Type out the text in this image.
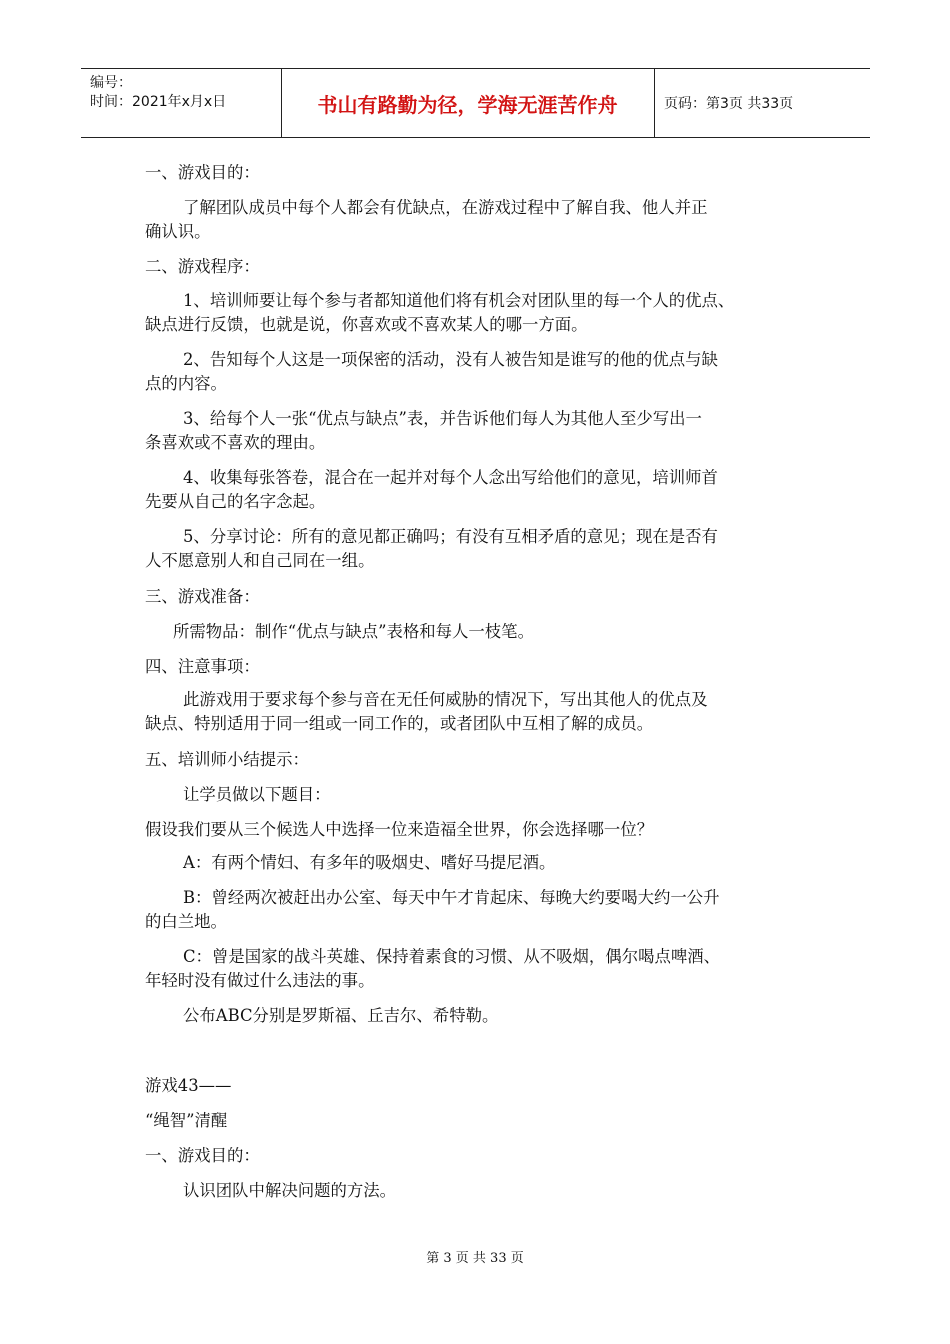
编号：
时间：2021年x月x日	书山有路勤为径，学海无涯苦作舟	页码：第3页 共33页
一、游戏目的：
了解团队成员中每个人都会有优缺点，在游戏过程中了解自我、他人并正
确认识。
二、游戏程序：
1、培训师要让每个参与者都知道他们将有机会对团队里的每一个人的优点、
缺点进行反馈，也就是说，你喜欢或不喜欢某人的哪一方面。
2、告知每个人这是一项保密的活动，没有人被告知是谁写的他的优点与缺
点的内容。
3、给每个人一张“优点与缺点”表，并告诉他们每人为其他人至少写出一
条喜欢或不喜欢的理由。
4、收集每张答卷，混合在一起并对每个人念出写给他们的意见，培训师首
先要从自己的名字念起。
5、分享讨论：所有的意见都正确吗；有没有互相矛盾的意见；现在是否有
人不愿意别人和自己同在一组。
三、游戏准备：
所需物品：制作“优点与缺点”表格和每人一枝笔。
四、注意事项：
此游戏用于要求每个参与音在无任何威胁的情况下，写出其他人的优点及
缺点、特别适用于同一组或一同工作的，或者团队中互相了解的成员。
五、培训师小结提示：
让学员做以下题目：
假设我们要从三个候选人中选择一位来造福全世界，你会选择哪一位？
A：有两个情妇、有多年的吸烟史、嗜好马提尼酒。
B：曾经两次被赶出办公室、每天中午才肯起床、每晚大约要喝大约一公升
的白兰地。
C：曾是国家的战斗英雄、保持着素食的习惯、从不吸烟，偶尔喝点啤酒、
年轻时没有做过什么违法的事。
公布ABC分别是罗斯福、丘吉尔、希特勒。
游戏43——
“绳智”清醒
一、游戏目的：
认识团队中解决问题的方法。
第 3 页 共 33 页
